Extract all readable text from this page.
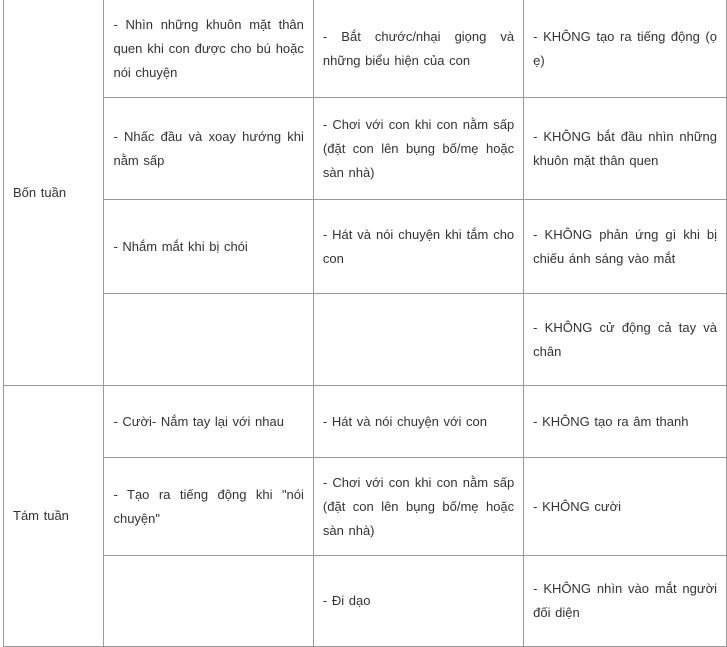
Bốn tuần	- Nhìn những khuôn mặt thân quen khi con được cho bú hoặc nói chuyện	- Bắt chước/nhại giọng và những biểu hiện của con	- KHÔNG tạo ra tiếng động (ọ ẹ)
	- Nhấc đầu và xoay hướng khi nằm sấp	- Chơi với con khi con nằm sấp (đặt con lên bụng bố/mẹ hoặc sàn nhà)	- KHÔNG bắt đầu nhìn những khuôn mặt thân quen
	- Nhắm mắt khi bị chói	- Hát và nói chuyện khi tắm cho con	- KHÔNG phản ứng gì khi bị chiếu ánh sáng vào mắt
			- KHÔNG cử động cả tay và chân
Tám tuần	- Cười- Nắm tay lại với nhau	- Hát và nói chuyện với con	- KHÔNG tạo ra âm thanh
	- Tạo ra tiếng động khi "nói chuyện"	- Chơi với con khi con nằm sấp (đặt con lên bụng bố/mẹ hoặc sàn nhà)	- KHÔNG cười
		- Đi dạo	- KHÔNG nhìn vào mắt người đối diện
